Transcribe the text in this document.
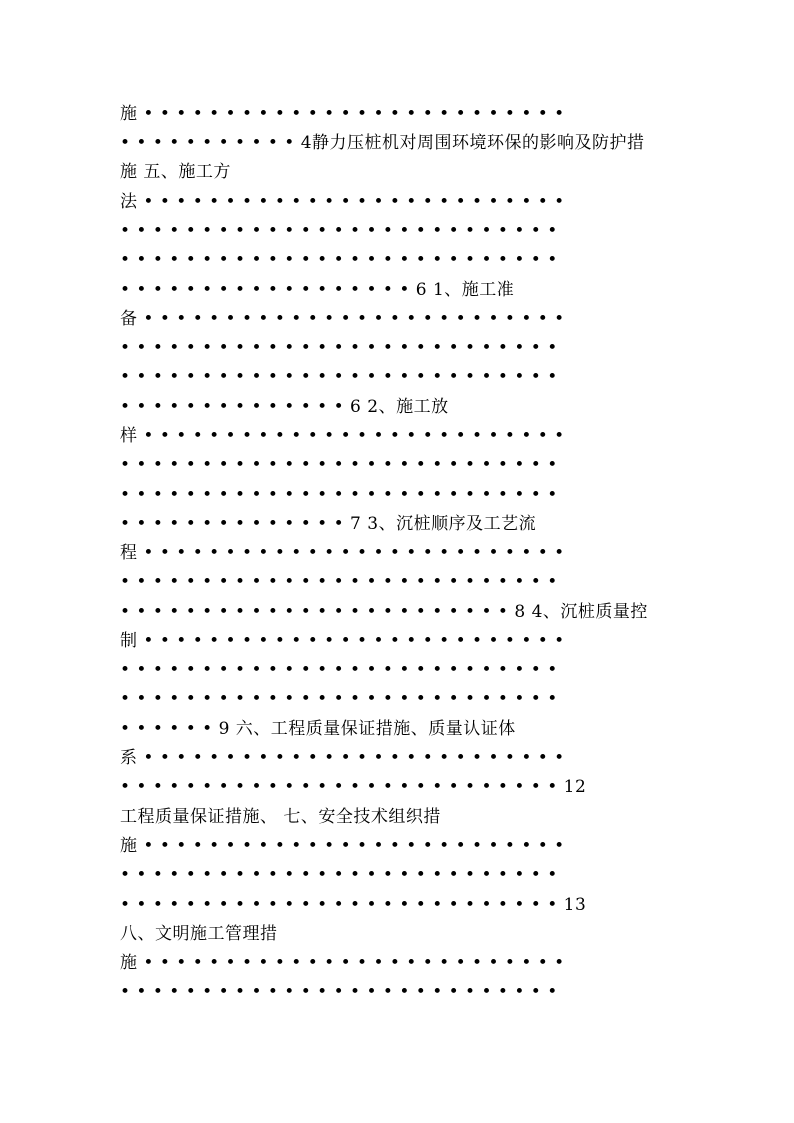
施 • • • • • • • • • • • • • • • • • • • • • • • • • •
• • • • • • • • • • • 4静力压桩机对周围环境环保的影响及防护措
施 五、施工方
法 • • • • • • • • • • • • • • • • • • • • • • • • • •
• • • • • • • • • • • • • • • • • • • • • • • • • • •
• • • • • • • • • • • • • • • • • • • • • • • • • • •
• • • • • • • • • • • • • • • • • • 6 1、施工准
备 • • • • • • • • • • • • • • • • • • • • • • • • • •
• • • • • • • • • • • • • • • • • • • • • • • • • • •
• • • • • • • • • • • • • • • • • • • • • • • • • • •
• • • • • • • • • • • • • • 6 2、施工放
样 • • • • • • • • • • • • • • • • • • • • • • • • • •
• • • • • • • • • • • • • • • • • • • • • • • • • • •
• • • • • • • • • • • • • • • • • • • • • • • • • • •
• • • • • • • • • • • • • • 7 3、沉桩顺序及工艺流
程 • • • • • • • • • • • • • • • • • • • • • • • • • •
• • • • • • • • • • • • • • • • • • • • • • • • • • •
• • • • • • • • • • • • • • • • • • • • • • • • 8 4、沉桩质量控
制 • • • • • • • • • • • • • • • • • • • • • • • • • •
• • • • • • • • • • • • • • • • • • • • • • • • • • •
• • • • • • • • • • • • • • • • • • • • • • • • • • •
• • • • • • 9 六、工程质量保证措施、质量认证体
系 • • • • • • • • • • • • • • • • • • • • • • • • • •
• • • • • • • • • • • • • • • • • • • • • • • • • • • 12
工程质量保证措施、 七、安全技术组织措
施 • • • • • • • • • • • • • • • • • • • • • • • • • •
• • • • • • • • • • • • • • • • • • • • • • • • • • •
• • • • • • • • • • • • • • • • • • • • • • • • • • • 13
八、文明施工管理措
施 • • • • • • • • • • • • • • • • • • • • • • • • • •
• • • • • • • • • • • • • • • • • • • • • • • • • • •
